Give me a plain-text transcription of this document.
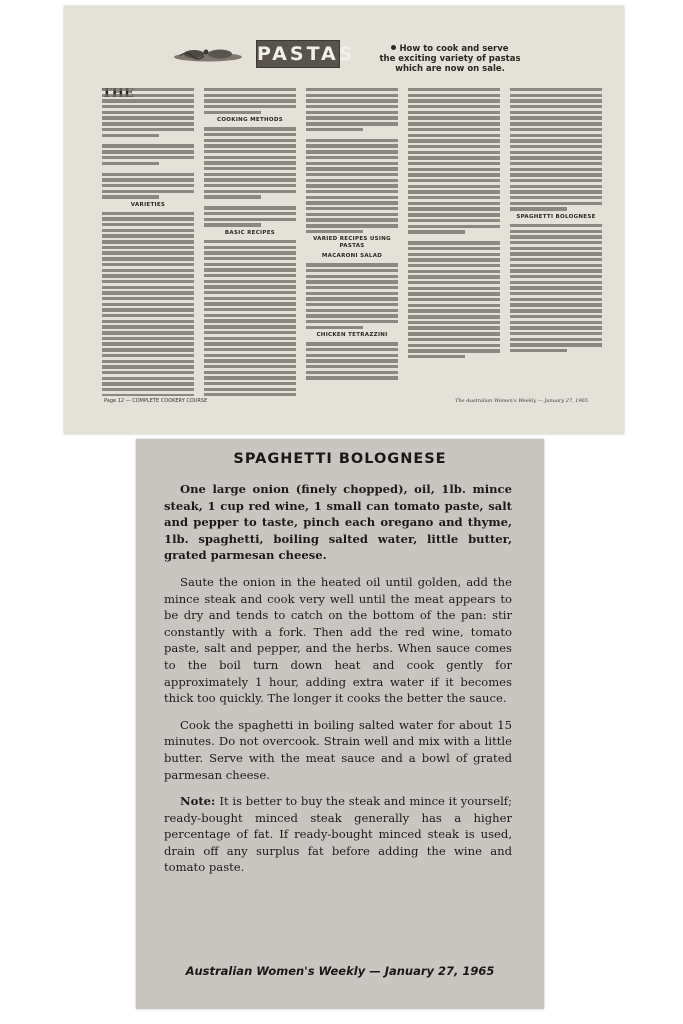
PASTAS	How to cook and serve
the exciting variety of pastas
which are now on sale.
VARIETIES
COOKING METHODS
BASIC RECIPES
VARIED RECIPES USING PASTAS
MACARONI SALAD
CHICKEN TETRAZZINI
SPAGHETTI BOLOGNESE
Page 12 — COMPLETE COOKERY COURSE	The Australian Women's Weekly — January 27, 1965
SPAGHETTI BOLOGNESE

One large onion (finely chopped), oil, 1lb. mince steak, 1 cup red wine, 1 small can tomato paste, salt and pepper to taste, pinch each oregano and thyme, 1lb. spaghetti, boiling salted water, little butter, grated parmesan cheese.

Saute the onion in the heated oil until golden, add the mince steak and cook very well until the meat appears to be dry and tends to catch on the bottom of the pan: stir constantly with a fork. Then add the red wine, tomato paste, salt and pepper, and the herbs. When sauce comes to the boil turn down heat and cook gently for approximately 1 hour, adding extra water if it becomes thick too quickly. The longer it cooks the better the sauce.

Cook the spaghetti in boiling salted water for about 15 minutes. Do not overcook. Strain well and mix with a little butter. Serve with the meat sauce and a bowl of grated parmesan cheese.

Note: It is better to buy the steak and mince it yourself; ready-bought minced steak generally has a higher percentage of fat. If ready-bought minced steak is used, drain off any surplus fat before adding the wine and tomato paste.

Australian Women's Weekly — January 27, 1965
